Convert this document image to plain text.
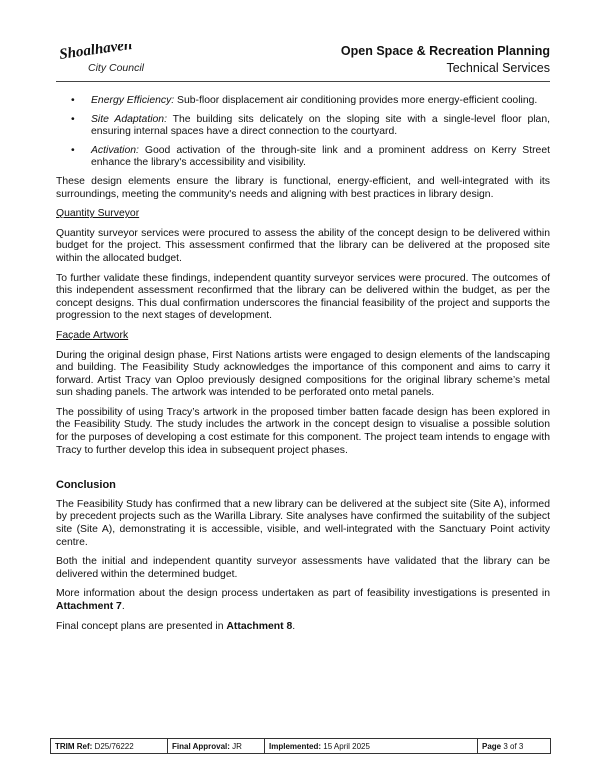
Shoalhaven
City Council
Open Space & Recreation Planning
Technical Services
• Energy Efficiency: Sub-floor displacement air conditioning provides more energy-efficient cooling.
• Site Adaptation: The building sits delicately on the sloping site with a single-level floor plan, ensuring internal spaces have a direct connection to the courtyard.
• Activation: Good activation of the through-site link and a prominent address on Kerry Street enhance the library's accessibility and visibility.

These design elements ensure the library is functional, energy-efficient, and well-integrated with its surroundings, meeting the community's needs and aligning with best practices in library design.

Quantity Surveyor

Quantity surveyor services were procured to assess the ability of the concept design to be delivered within budget for the project. This assessment confirmed that the library can be delivered at the proposed site within the allocated budget.

To further validate these findings, independent quantity surveyor services were procured. The outcomes of this independent assessment reconfirmed that the library can be delivered within the budget, as per the concept designs. This dual confirmation underscores the financial feasibility of the project and supports the progression to the next stages of development.

Façade Artwork

During the original design phase, First Nations artists were engaged to design elements of the landscaping and building. The Feasibility Study acknowledges the importance of this component and aims to carry it forward. Artist Tracy van Oploo previously designed compositions for the original library scheme’s metal sun shading panels. The artwork was intended to be perforated onto metal panels.

The possibility of using Tracy’s artwork in the proposed timber batten facade design has been explored in the Feasibility Study. The study includes the artwork in the concept design to visualise a possible solution for the purposes of developing a cost estimate for this component. The project team intends to engage with Tracy to further develop this idea in subsequent project phases.

Conclusion

The Feasibility Study has confirmed that a new library can be delivered at the subject site (Site A), informed by precedent projects such as the Warilla Library. Site analyses have confirmed the suitability of the subject site (Site A), demonstrating it is accessible, visible, and well-integrated with the Sanctuary Point activity centre.

Both the initial and independent quantity surveyor assessments have validated that the library can be delivered within the determined budget.

More information about the design process undertaken as part of feasibility investigations is presented in Attachment 7.

Final concept plans are presented in Attachment 8.

TRIM Ref: D25/76222	Final Approval: JR	Implemented: 15 April 2025	Page 3 of 3
